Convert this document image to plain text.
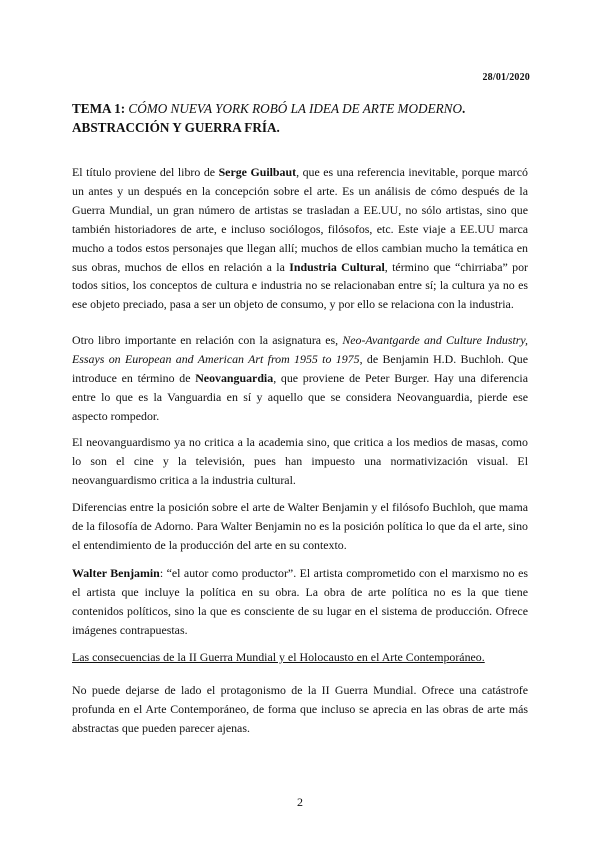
28/01/2020
TEMA 1: CÓMO NUEVA YORK ROBÓ LA IDEA DE ARTE MODERNO.
ABSTRACCIÓN Y GUERRA FRÍA.

El título proviene del libro de Serge Guilbaut, que es una referencia inevitable, porque marcó un antes y un después en la concepción sobre el arte. Es un análisis de cómo después de la Guerra Mundial, un gran número de artistas se trasladan a EE.UU, no sólo artistas, sino que también historiadores de arte, e incluso sociólogos, filósofos, etc. Este viaje a EE.UU marca mucho a todos estos personajes que llegan allí; muchos de ellos cambian mucho la temática en sus obras, muchos de ellos en relación a la Industria Cultural, término que “chirriaba” por todos sitios, los conceptos de cultura e industria no se relacionaban entre sí; la cultura ya no es ese objeto preciado, pasa a ser un objeto de consumo, y por ello se relaciona con la industria.

Otro libro importante en relación con la asignatura es, Neo-Avantgarde and Culture Industry, Essays on European and American Art from 1955 to 1975, de Benjamin H.D. Buchloh. Que introduce en término de Neovanguardia, que proviene de Peter Burger. Hay una diferencia entre lo que es la Vanguardia en sí y aquello que se considera Neovanguardia, pierde ese aspecto rompedor.

El neovanguardismo ya no critica a la academia sino, que critica a los medios de masas, como lo son el cine y la televisión, pues han impuesto una normativización visual. El neovanguardismo critica a la industria cultural.

Diferencias entre la posición sobre el arte de Walter Benjamin y el filósofo Buchloh, que mama de la filosofía de Adorno. Para Walter Benjamin no es la posición política lo que da el arte, sino el entendimiento de la producción del arte en su contexto.

Walter Benjamin: “el autor como productor”. El artista comprometido con el marxismo no es el artista que incluye la política en su obra. La obra de arte política no es la que tiene contenidos políticos, sino la que es consciente de su lugar en el sistema de producción. Ofrece imágenes contrapuestas.

Las consecuencias de la II Guerra Mundial y el Holocausto en el Arte Contemporáneo.

No puede dejarse de lado el protagonismo de la II Guerra Mundial. Ofrece una catástrofe profunda en el Arte Contemporáneo, de forma que incluso se aprecia en las obras de arte más abstractas que pueden parecer ajenas.

2
